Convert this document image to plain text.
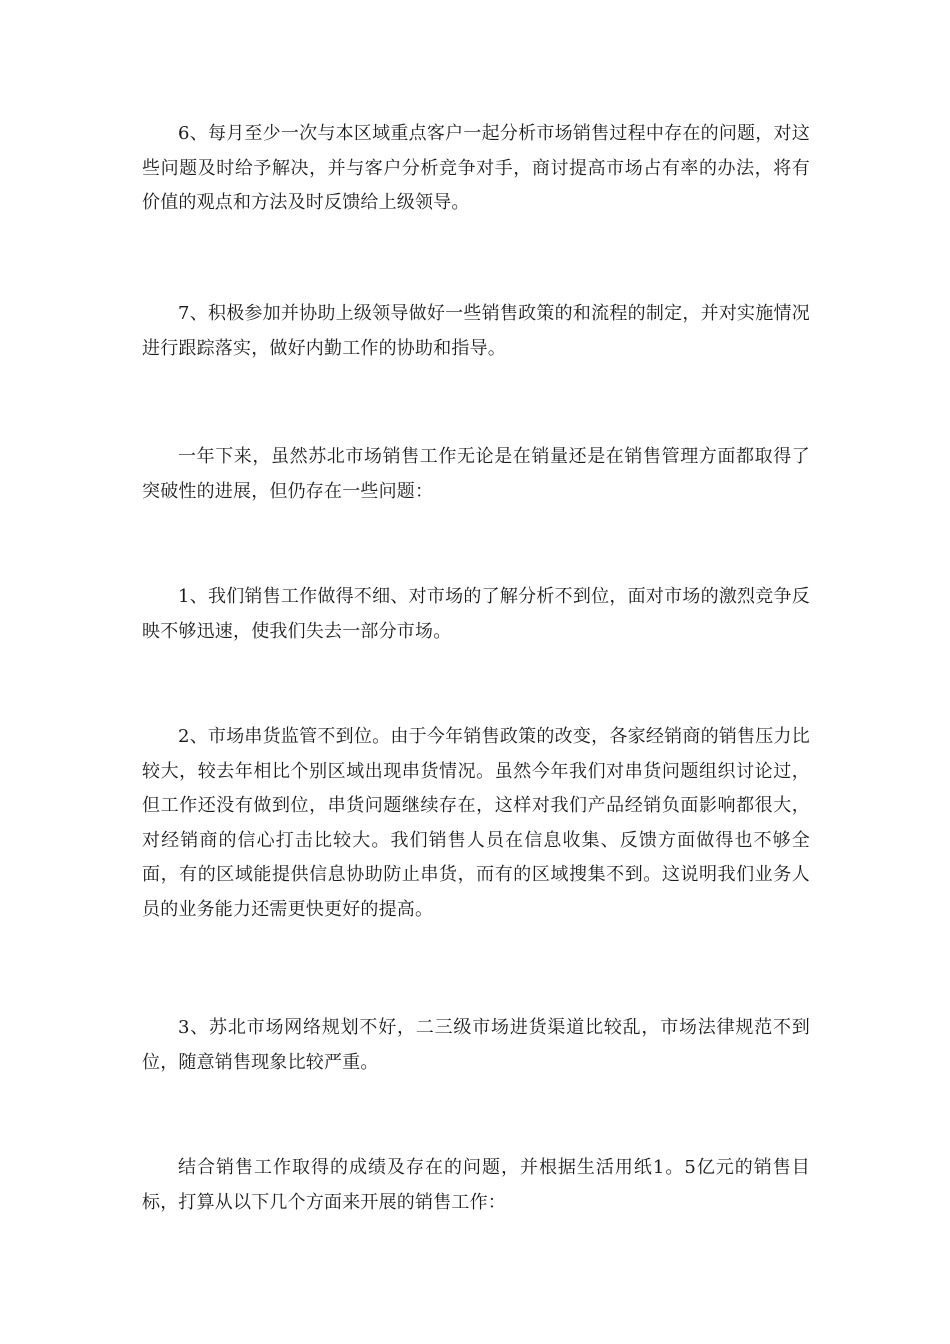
6、每月至少一次与本区域重点客户一起分析市场销售过程中存在的问题，对这些问题及时给予解决，并与客户分析竞争对手，商讨提高市场占有率的办法，将有价值的观点和方法及时反馈给上级领导。

7、积极参加并协助上级领导做好一些销售政策的和流程的制定，并对实施情况进行跟踪落实，做好内勤工作的协助和指导。

一年下来，虽然苏北市场销售工作无论是在销量还是在销售管理方面都取得了突破性的进展，但仍存在一些问题：

1、我们销售工作做得不细、对市场的了解分析不到位，面对市场的激烈竞争反映不够迅速，使我们失去一部分市场。

2、市场串货监管不到位。由于今年销售政策的改变，各家经销商的销售压力比较大，较去年相比个别区域出现串货情况。虽然今年我们对串货问题组织讨论过，但工作还没有做到位，串货问题继续存在，这样对我们产品经销负面影响都很大，对经销商的信心打击比较大。我们销售人员在信息收集、反馈方面做得也不够全面，有的区域能提供信息协助防止串货，而有的区域搜集不到。这说明我们业务人员的业务能力还需更快更好的提高。

3、苏北市场网络规划不好，二三级市场进货渠道比较乱，市场法律规范不到位，随意销售现象比较严重。

结合销售工作取得的成绩及存在的问题，并根据生活用纸1。5亿元的销售目标，打算从以下几个方面来开展的销售工作：
